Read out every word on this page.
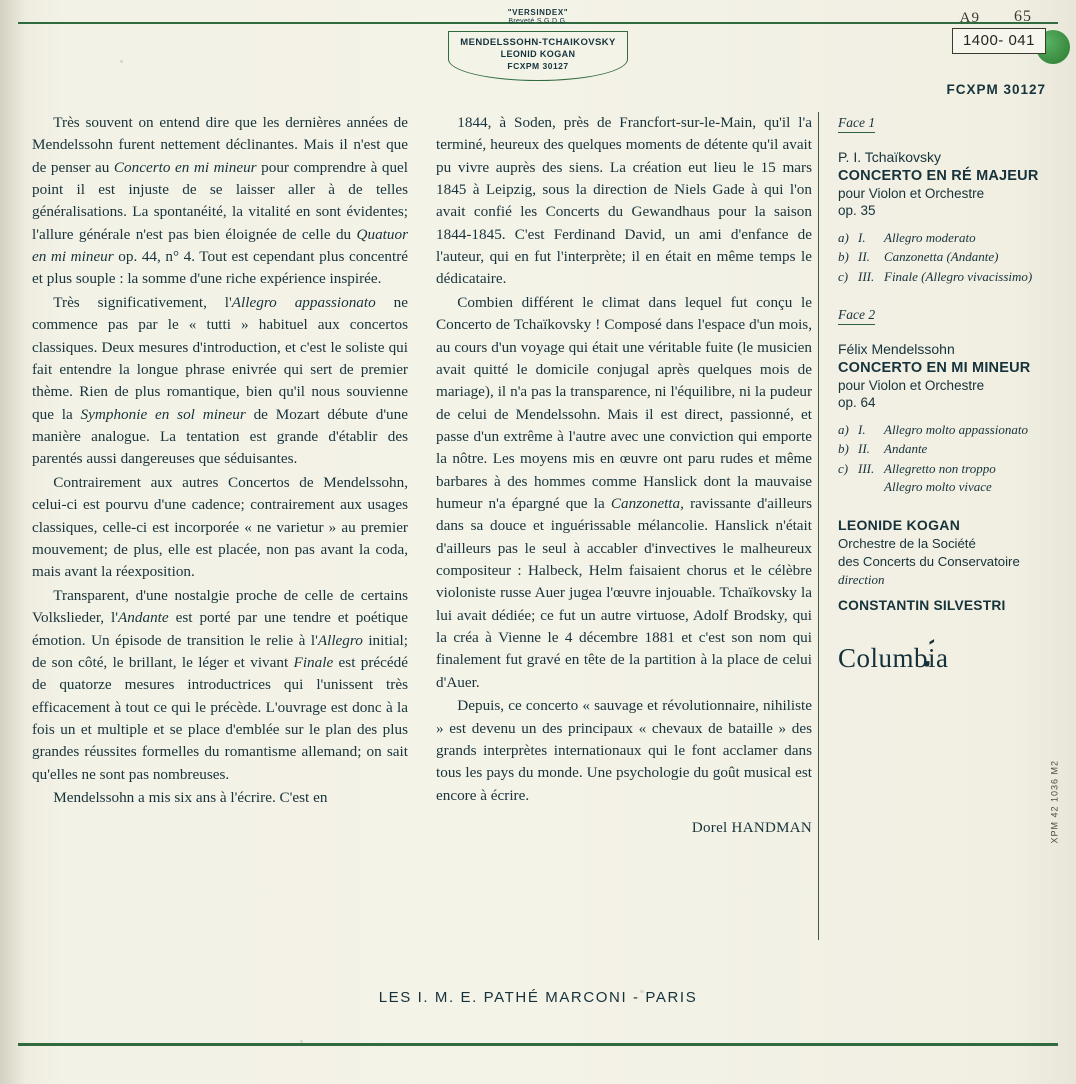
A9 65
1400- 041
"VERSINDEX"
Breveté S.G.D.G.
MENDELSSOHN-TCHAIKOVSKY
LEONID KOGAN
FCXPM 30127
FCXPM 30127

Très souvent on entend dire que les dernières années de Mendelssohn furent nettement déclinantes. Mais il n'est que de penser au Concerto en mi mineur pour comprendre à quel point il est injuste de se laisser aller à de telles généralisations. La spontanéité, la vitalité en sont évidentes; l'allure générale n'est pas bien éloignée de celle du Quatuor en mi mineur op. 44, n° 4. Tout est cependant plus concentré et plus souple : la somme d'une riche expérience inspirée.

Très significativement, l'Allegro appassionato ne commence pas par le « tutti » habituel aux concertos classiques. Deux mesures d'introduction, et c'est le soliste qui fait entendre la longue phrase enivrée qui sert de premier thème. Rien de plus romantique, bien qu'il nous souvienne que la Symphonie en sol mineur de Mozart débute d'une manière analogue. La tentation est grande d'établir des parentés aussi dangereuses que séduisantes.

Contrairement aux autres Concertos de Mendelssohn, celui-ci est pourvu d'une cadence; contrairement aux usages classiques, celle-ci est incorporée « ne varietur » au premier mouvement; de plus, elle est placée, non pas avant la coda, mais avant la réexposition.

Transparent, d'une nostalgie proche de celle de certains Volkslieder, l'Andante est porté par une tendre et poétique émotion. Un épisode de transition le relie à l'Allegro initial; de son côté, le brillant, le léger et vivant Finale est précédé de quatorze mesures introductrices qui l'unissent très efficacement à tout ce qui le précède. L'ouvrage est donc à la fois un et multiple et se place d'emblée sur le plan des plus grandes réussites formelles du romantisme allemand; on sait qu'elles ne sont pas nombreuses.

Mendelssohn a mis six ans à l'écrire. C'est en

1844, à Soden, près de Francfort-sur-le-Main, qu'il l'a terminé, heureux des quelques moments de détente qu'il avait pu vivre auprès des siens. La création eut lieu le 15 mars 1845 à Leipzig, sous la direction de Niels Gade à qui l'on avait confié les Concerts du Gewandhaus pour la saison 1844-1845. C'est Ferdinand David, un ami d'enfance de l'auteur, qui en fut l'interprète; il en était en même temps le dédicataire.

Combien différent le climat dans lequel fut conçu le Concerto de Tchaïkovsky ! Composé dans l'espace d'un mois, au cours d'un voyage qui était une véritable fuite (le musicien avait quitté le domicile conjugal après quelques mois de mariage), il n'a pas la transparence, ni l'équilibre, ni la pudeur de celui de Mendelssohn. Mais il est direct, passionné, et passe d'un extrême à l'autre avec une conviction qui emporte la nôtre. Les moyens mis en œuvre ont paru rudes et même barbares à des hommes comme Hanslick dont la mauvaise humeur n'a épargné que la Canzonetta, ravissante d'ailleurs dans sa douce et inguérissable mélancolie. Hanslick n'était d'ailleurs pas le seul à accabler d'invectives le malheureux compositeur : Halbeck, Helm faisaient chorus et le célèbre violoniste russe Auer jugea l'œuvre injouable. Tchaïkovsky la lui avait dédiée; ce fut un autre virtuose, Adolf Brodsky, qui la créa à Vienne le 4 décembre 1881 et c'est son nom qui finalement fut gravé en tête de la partition à la place de celui d'Auer.

Depuis, ce concerto « sauvage et révolutionnaire, nihiliste » est devenu un des principaux « chevaux de bataille » des grands interprètes internationaux qui le font acclamer dans tous les pays du monde. Une psychologie du goût musical est encore à écrire.

Dorel HANDMAN
Face 1
P. I. Tchaïkovsky
CONCERTO EN RÉ MAJEUR
pour Violon et Orchestre
op. 35
a) I.	Allegro moderato
b) II.	Canzonetta (Andante)
c) III. Finale (Allegro vivacissimo)
Face 2
Félix Mendelssohn
CONCERTO EN MI MINEUR
pour Violon et Orchestre
op. 64
a) I.	Allegro molto appassionato
b) II.	Andante
c) III. Allegretto non troppo
Allegro molto vivace
LEONIDE KOGAN
Orchestre de la Société
des Concerts du Conservatoire
direction
CONSTANTIN SILVESTRI
Columbia
XPM 42 1036 M2
LES I. M. E. PATHÉ MARCONI - PARIS
